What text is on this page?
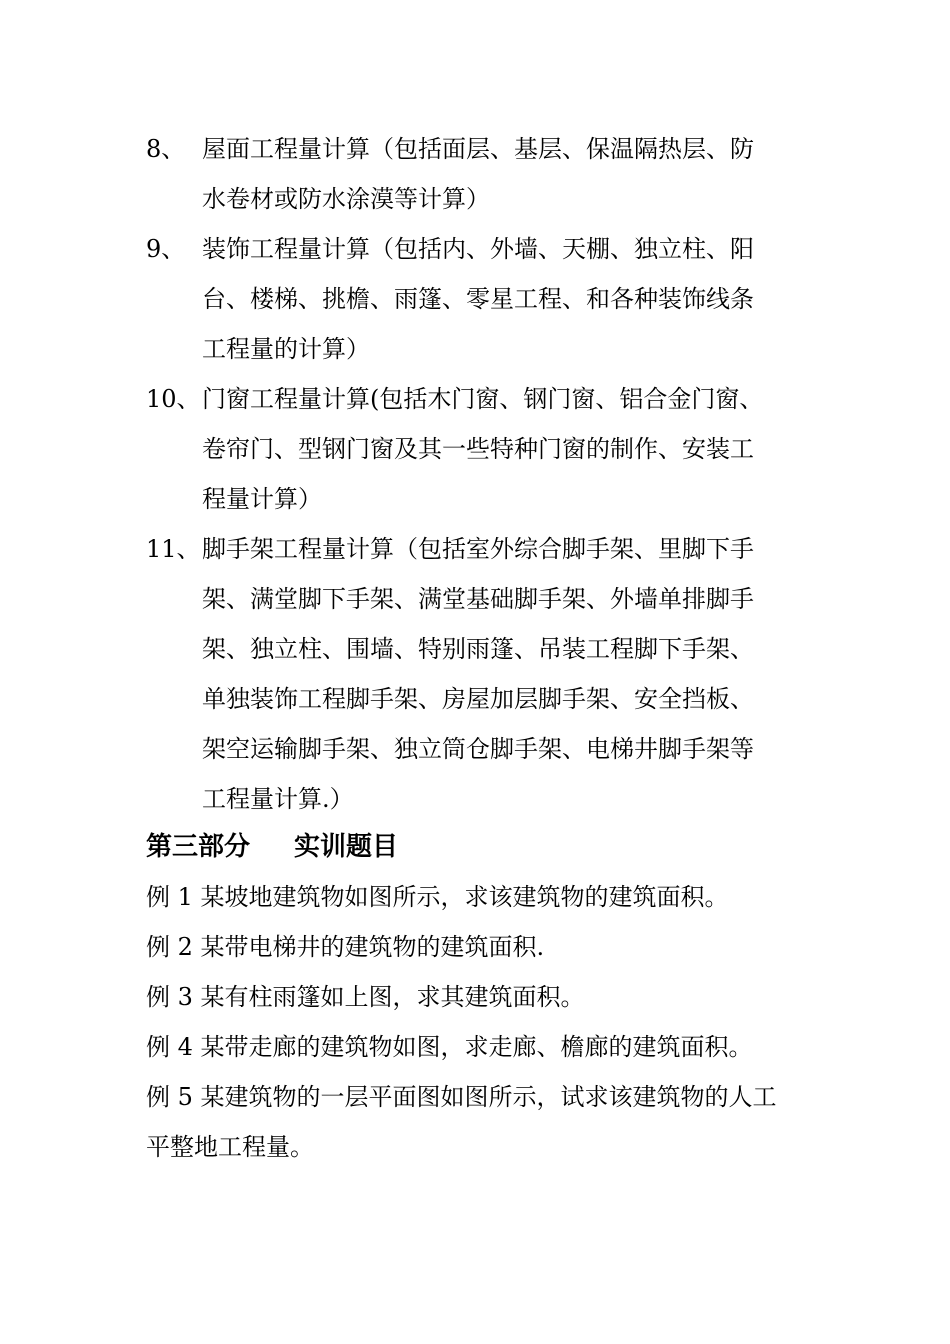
8、 屋面工程量计算（包括面层、基层、保温隔热层、防
水卷材或防水涂漠等计算）
9、 装饰工程量计算（包括内、外墙、天棚、独立柱、阳
台、楼梯、挑檐、雨篷、零星工程、和各种装饰线条
工程量的计算）
10、 门窗工程量计算(包括木门窗、钢门窗、铝合金门窗、
卷帘门、型钢门窗及其一些特种门窗的制作、安装工
程量计算）
11、 脚手架工程量计算（包括室外综合脚手架、里脚下手
架、满堂脚下手架、满堂基础脚手架、外墙单排脚手
架、独立柱、围墙、特别雨篷、吊装工程脚下手架、
单独装饰工程脚手架、房屋加层脚手架、安全挡板、
架空运输脚手架、独立筒仓脚手架、电梯井脚手架等
工程量计算.）
第三部分 实训题目
例 1 某坡地建筑物如图所示，求该建筑物的建筑面积。
例 2 某带电梯井的建筑物的建筑面积.
例 3 某有柱雨篷如上图，求其建筑面积。
例 4 某带走廊的建筑物如图，求走廊、檐廊的建筑面积。
例 5 某建筑物的一层平面图如图所示，试求该建筑物的人工
平整地工程量。
